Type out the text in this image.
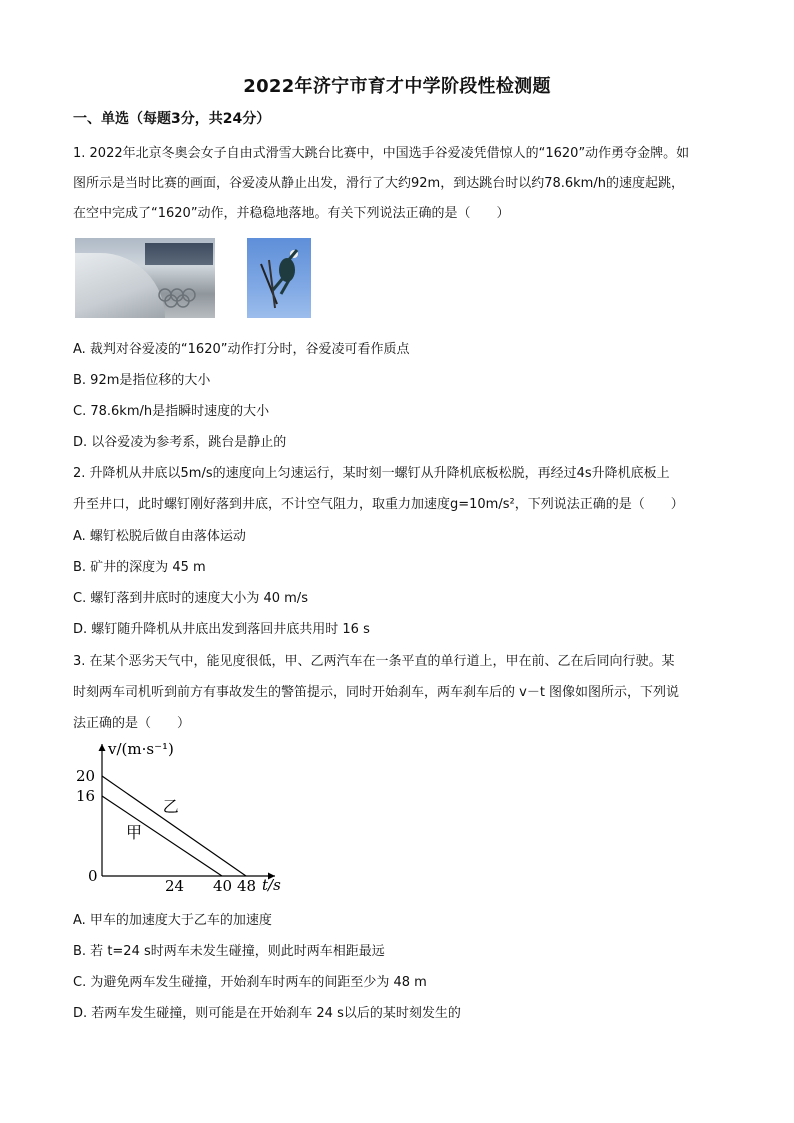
2022年济宁市育才中学阶段性检测题
一、单选（每题3分，共24分）
1. 2022年北京冬奥会女子自由式滑雪大跳台比赛中，中国选手谷爱凌凭借惊人的“1620”动作勇夺金牌。如
图所示是当时比赛的画面，谷爱凌从静止出发，滑行了大约92m，到达跳台时以约78.6km/h的速度起跳，
在空中完成了“1620”动作，并稳稳地落地。有关下列说法正确的是（　　）
A. 裁判对谷爱凌的“1620”动作打分时，谷爱凌可看作质点
B. 92m是指位移的大小
C. 78.6km/h是指瞬时速度的大小
D. 以谷爱凌为参考系，跳台是静止的
2. 升降机从井底以5m/s的速度向上匀速运行，某时刻一螺钉从升降机底板松脱，再经过4s升降机底板上
升至井口，此时螺钉刚好落到井底，不计空气阻力，取重力加速度g=10m/s²，下列说法正确的是（　　）
A. 螺钉松脱后做自由落体运动
B. 矿井的深度为 45 m
C. 螺钉落到井底时的速度大小为 40 m/s
D. 螺钉随升降机从井底出发到落回井底共用时 16 s
3. 在某个恶劣天气中，能见度很低，甲、乙两汽车在一条平直的单行道上，甲在前、乙在后同向行驶。某
时刻两车司机听到前方有事故发生的警笛提示，同时开始刹车，两车刹车后的 v－t 图像如图所示，下列说
法正确的是（　　）
v/(m·s⁻¹)
t/s
0
乙
甲
16
20
24 40 48
A. 甲车的加速度大于乙车的加速度
B. 若 t=24 s时两车未发生碰撞，则此时两车相距最远
C. 为避免两车发生碰撞，开始刹车时两车的间距至少为 48 m
D. 若两车发生碰撞，则可能是在开始刹车 24 s以后的某时刻发生的
